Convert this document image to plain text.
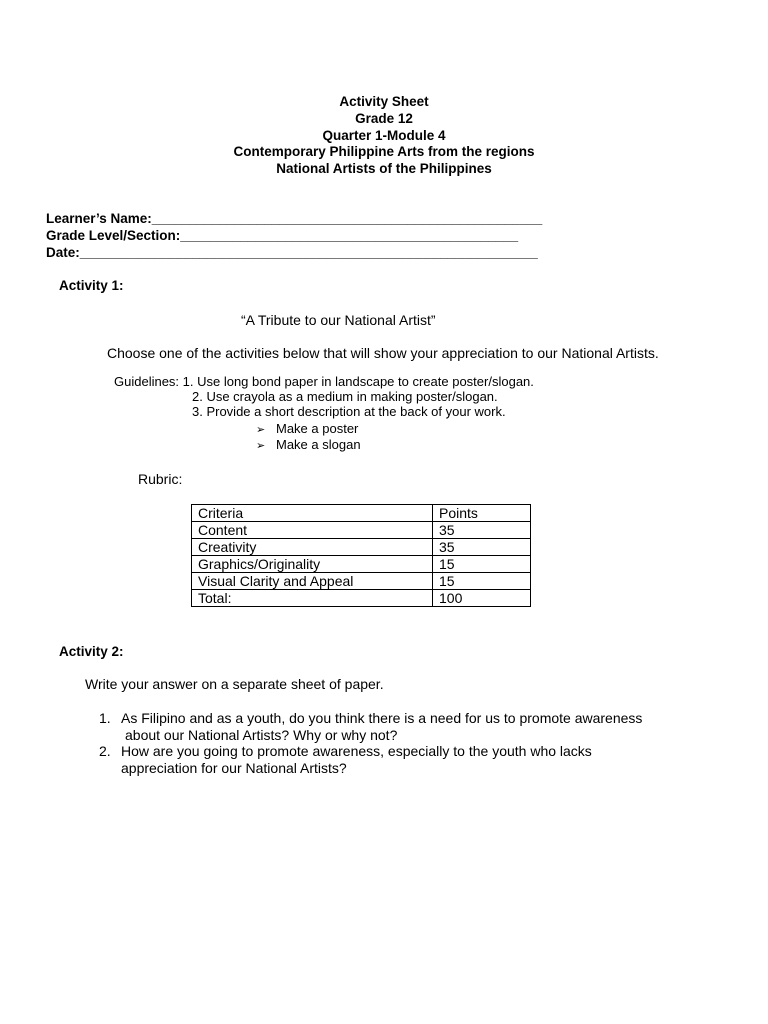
Activity Sheet
Grade 12
Quarter 1-Module 4
Contemporary Philippine Arts from the regions
National Artists of the Philippines
Learner’s Name:____________________________________________________
Grade Level/Section:_____________________________________________
Date:_____________________________________________________________
Activity 1:
“A Tribute to our National Artist”
Choose one of the activities below that will show your appreciation to our National Artists.
Guidelines: 1. Use long bond paper in landscape to create poster/slogan.
2. Use crayola as a medium in making poster/slogan.
3. Provide a short description at the back of your work.
➢ Make a poster
➢ Make a slogan
Rubric:
Criteria	Points
Content	35
Creativity	35
Graphics/Originality	15
Visual Clarity and Appeal	15
Total:	100
Activity 2:
Write your answer on a separate sheet of paper.
1. As Filipino and as a youth, do you think there is a need for us to promote awareness
about our National Artists? Why or why not?
2. How are you going to promote awareness, especially to the youth who lacks
appreciation for our National Artists?
